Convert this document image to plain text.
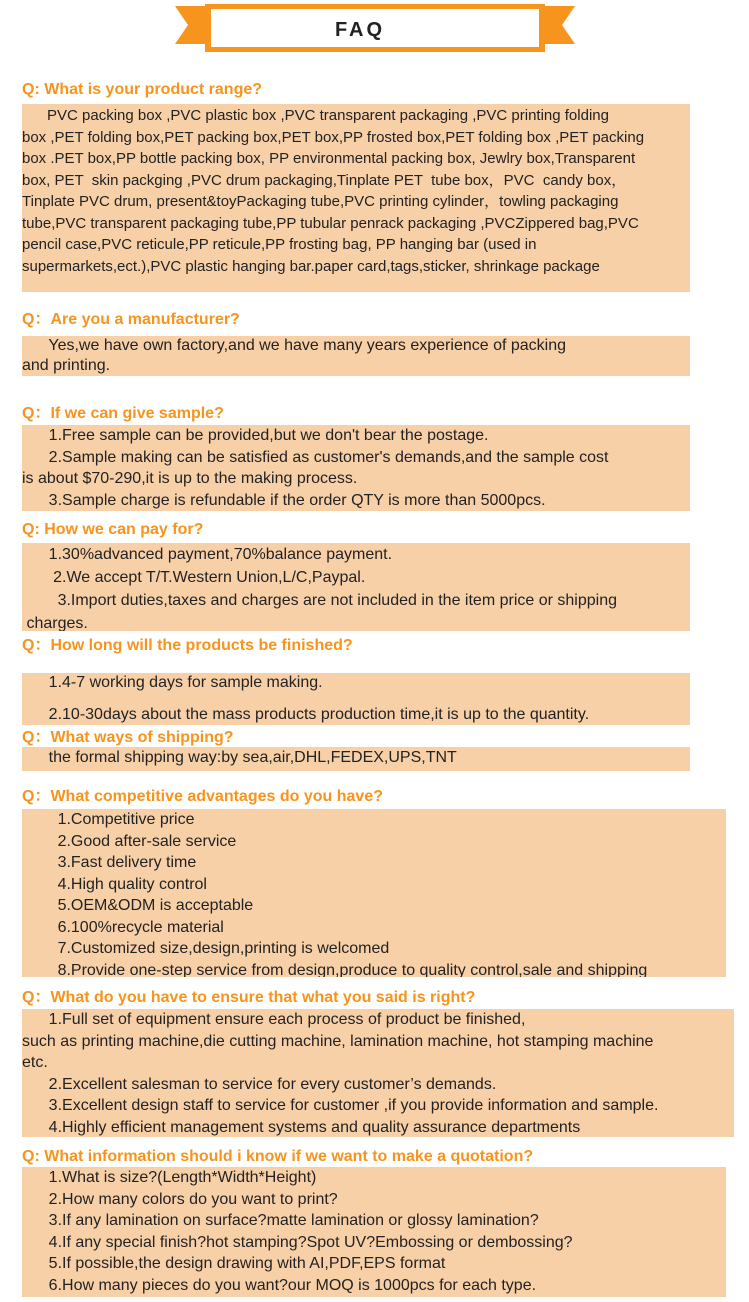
FAQ
Q: What is your product range?
PVC packing box ,PVC plastic box ,PVC transparent packaging ,PVC printing folding
box ,PET folding box,PET packing box,PET box,PP frosted box,PET folding box ,PET packing
box .PET box,PP bottle packing box, PP environmental packing box, Jewlry box,Transparent
box, PET  skin packging ,PVC drum packaging,Tinplate PET  tube box，PVC  candy box，
Tinplate PVC drum, present&toyPackaging tube,PVC printing cylinder，towling packaging
tube,PVC transparent packaging tube,PP tubular penrack packaging ,PVCZippered bag,PVC
pencil case,PVC reticule,PP reticule,PP frosting bag, PP hanging bar (used in
supermarkets,ect.),PVC plastic hanging bar.paper card,tags,sticker, shrinkage package
Q：Are you a manufacturer?
Yes,we have own factory,and we have many years experience of packing
and printing.
Q：If we can give sample?
1.Free sample can be provided,but we don't bear the postage.
2.Sample making can be satisfied as customer's demands,and the sample cost
is about $70-290,it is up to the making process.
3.Sample charge is refundable if the order QTY is more than 5000pcs.
Q: How we can pay for?
1.30%advanced payment,70%balance payment.
2.We accept T/T.Western Union,L/C,Paypal.
3.Import duties,taxes and charges are not included in the item price or shipping
charges.
Q：How long will the products be finished?
1.4-7 working days for sample making.
2.10-30days about the mass products production time,it is up to the quantity.
Q：What ways of shipping?
the formal shipping way:by sea,air,DHL,FEDEX,UPS,TNT
Q：What competitive advantages do you have?
1.Competitive price
2.Good after-sale service
3.Fast delivery time
4.High quality control
5.OEM&ODM is acceptable
6.100%recycle material
7.Customized size,design,printing is welcomed
8.Provide one-step service from design,produce to quality control,sale and shipping
Q：What do you have to ensure that what you said is right?
1.Full set of equipment ensure each process of product be finished,
such as printing machine,die cutting machine, lamination machine, hot stamping machine
etc.
2.Excellent salesman to service for every customer’s demands.
3.Excellent design staff to service for customer ,if you provide information and sample.
4.Highly efficient management systems and quality assurance departments
Q: What information should i know if we want to make a quotation?
1.What is size?(Length*Width*Height)
2.How many colors do you want to print?
3.If any lamination on surface?matte lamination or glossy lamination?
4.If any special finish?hot stamping?Spot UV?Embossing or dembossing?
5.If possible,the design drawing with AI,PDF,EPS format
6.How many pieces do you want?our MOQ is 1000pcs for each type.
